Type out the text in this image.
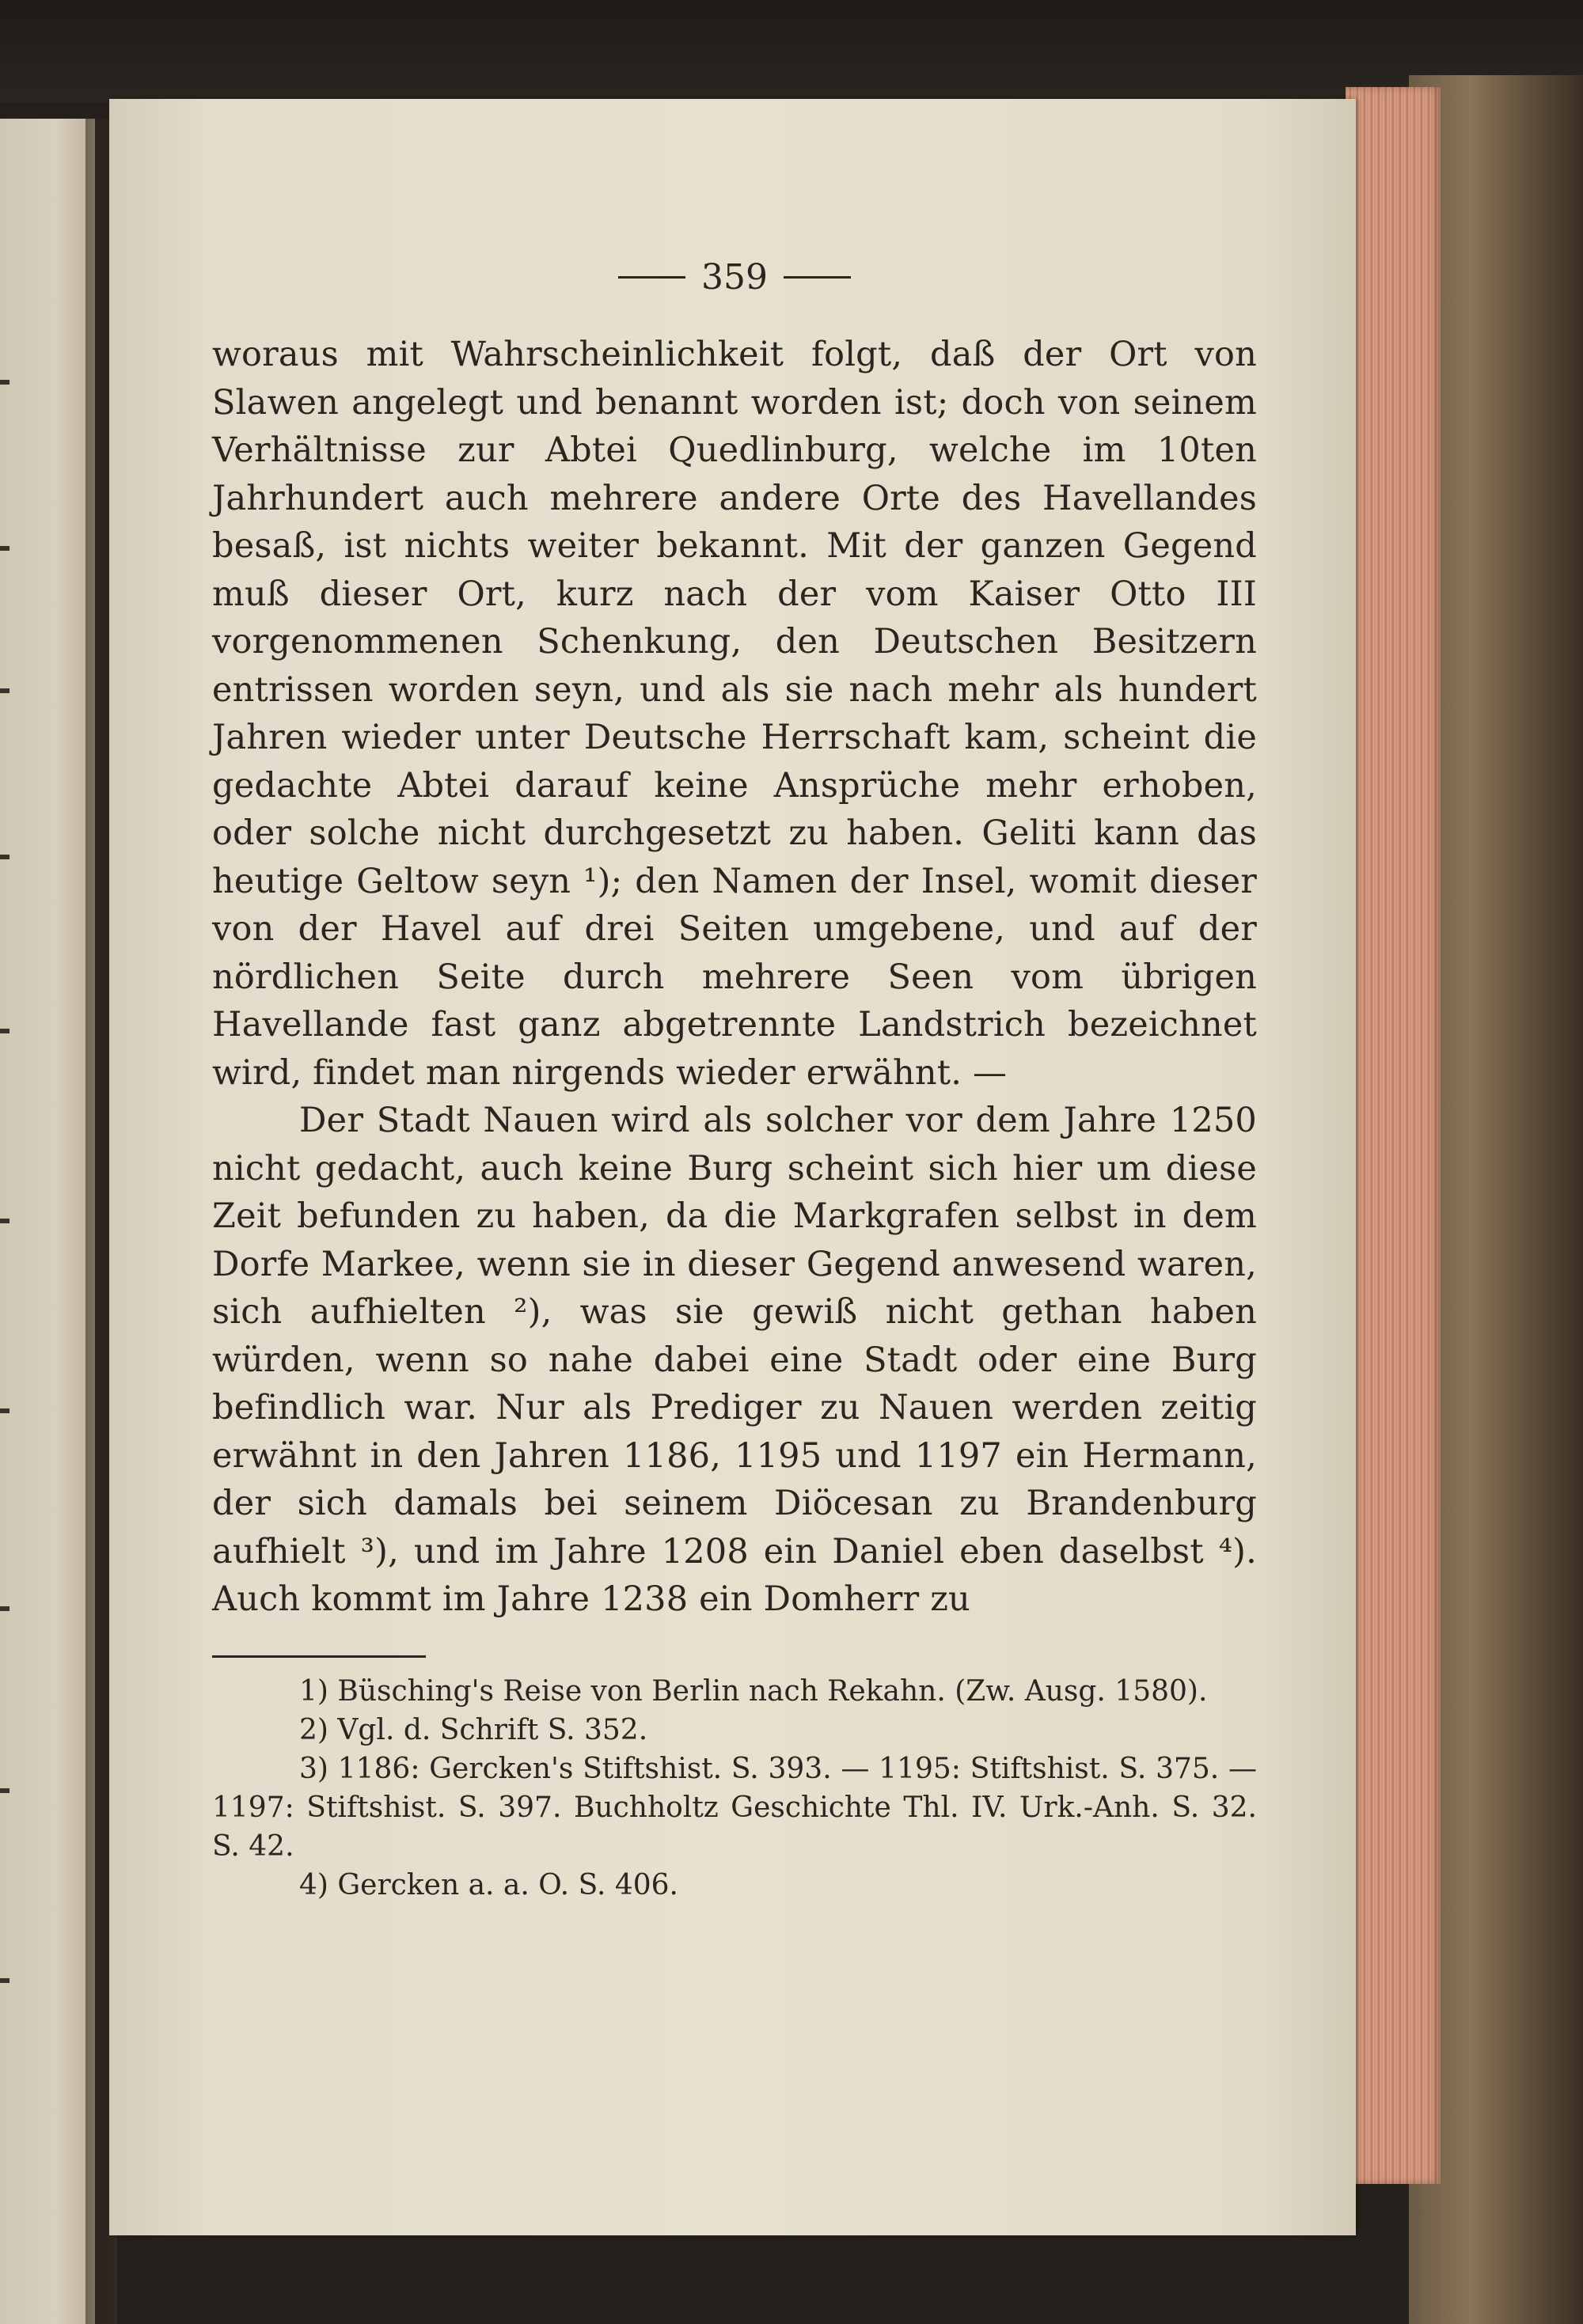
359

woraus mit Wahrscheinlichkeit folgt, daß der Ort von Slawen angelegt und benannt worden ist; doch von seinem Verhältnisse zur Abtei Quedlinburg, welche im 10ten Jahrhundert auch mehrere andere Orte des Havellandes besaß, ist nichts weiter bekannt. Mit der ganzen Gegend muß dieser Ort, kurz nach der vom Kaiser Otto III vorgenommenen Schenkung, den Deutschen Besitzern entrissen worden seyn, und als sie nach mehr als hundert Jahren wieder unter Deutsche Herrschaft kam, scheint die gedachte Abtei darauf keine Ansprüche mehr erhoben, oder solche nicht durchgesetzt zu haben. Geliti kann das heutige Geltow seyn ¹); den Namen der Insel, womit dieser von der Havel auf drei Seiten umgebene, und auf der nördlichen Seite durch mehrere Seen vom übrigen Havellande fast ganz abgetrennte Landstrich bezeichnet wird, findet man nirgends wieder erwähnt. —

Der Stadt Nauen wird als solcher vor dem Jahre 1250 nicht gedacht, auch keine Burg scheint sich hier um diese Zeit befunden zu haben, da die Markgrafen selbst in dem Dorfe Markee, wenn sie in dieser Gegend anwesend waren, sich aufhielten ²), was sie gewiß nicht gethan haben würden, wenn so nahe dabei eine Stadt oder eine Burg befindlich war. Nur als Prediger zu Nauen werden zeitig erwähnt in den Jahren 1186, 1195 und 1197 ein Hermann, der sich damals bei seinem Diöcesan zu Brandenburg aufhielt ³), und im Jahre 1208 ein Daniel eben daselbst ⁴). Auch kommt im Jahre 1238 ein Domherr zu

1) Büsching's Reise von Berlin nach Rekahn. (Zw. Ausg. 1580).

2) Vgl. d. Schrift S. 352.

3) 1186: Gercken's Stiftshist. S. 393. — 1195: Stiftshist. S. 375. — 1197: Stiftshist. S. 397. Buchholtz Geschichte Thl. IV. Urk.-Anh. S. 32. S. 42.

4) Gercken a. a. O. S. 406.
